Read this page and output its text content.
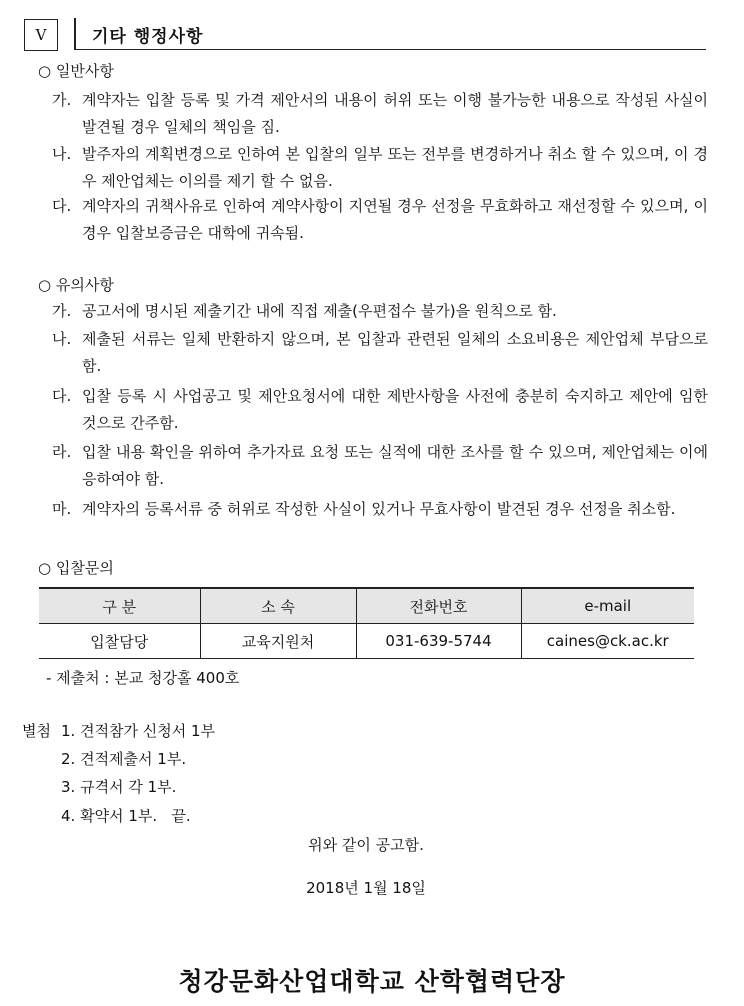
V	기타 행정사항
○ 일반사항
가. 계약자는 입찰 등록 및 가격 제안서의 내용이 허위 또는 이행 불가능한 내용으로 작성된 사실이 발견될 경우 일체의 책임을 짐.
나. 발주자의 계획변경으로 인하여 본 입찰의 일부 또는 전부를 변경하거나 취소 할 수 있으며, 이 경우 제안업체는 이의를 제기 할 수 없음.
다. 계약자의 귀책사유로 인하여 계약사항이 지연될 경우 선정을 무효화하고 재선정할 수 있으며, 이 경우 입찰보증금은 대학에 귀속됨.
○ 유의사항
가. 공고서에 명시된 제출기간 내에 직접 제출(우편접수 불가)을 원칙으로 함.
나. 제출된 서류는 일체 반환하지 않으며, 본 입찰과 관련된 일체의 소요비용은 제안업체 부담으로 함.
다. 입찰 등록 시 사업공고 및 제안요청서에 대한 제반사항을 사전에 충분히 숙지하고 제안에 임한 것으로 간주함.
라. 입찰 내용 확인을 위하여 추가자료 요청 또는 실적에 대한 조사를 할 수 있으며, 제안업체는 이에 응하여야 함.
마. 계약자의 등록서류 중 허위로 작성한 사실이 있거나 무효사항이 발견된 경우 선정을 취소함.
○ 입찰문의
구 분	소 속	전화번호	e-mail
입찰담당	교육지원처	031-639-5744	caines@ck.ac.kr
- 제출처 : 본교 청강홀 400호
별첨 1. 견적참가 신청서 1부
2. 견적제출서 1부.
3. 규격서 각 1부.
4. 확약서 1부.   끝.
위와 같이 공고함.
2018년 1월 18일
청강문화산업대학교 산학협력단장
